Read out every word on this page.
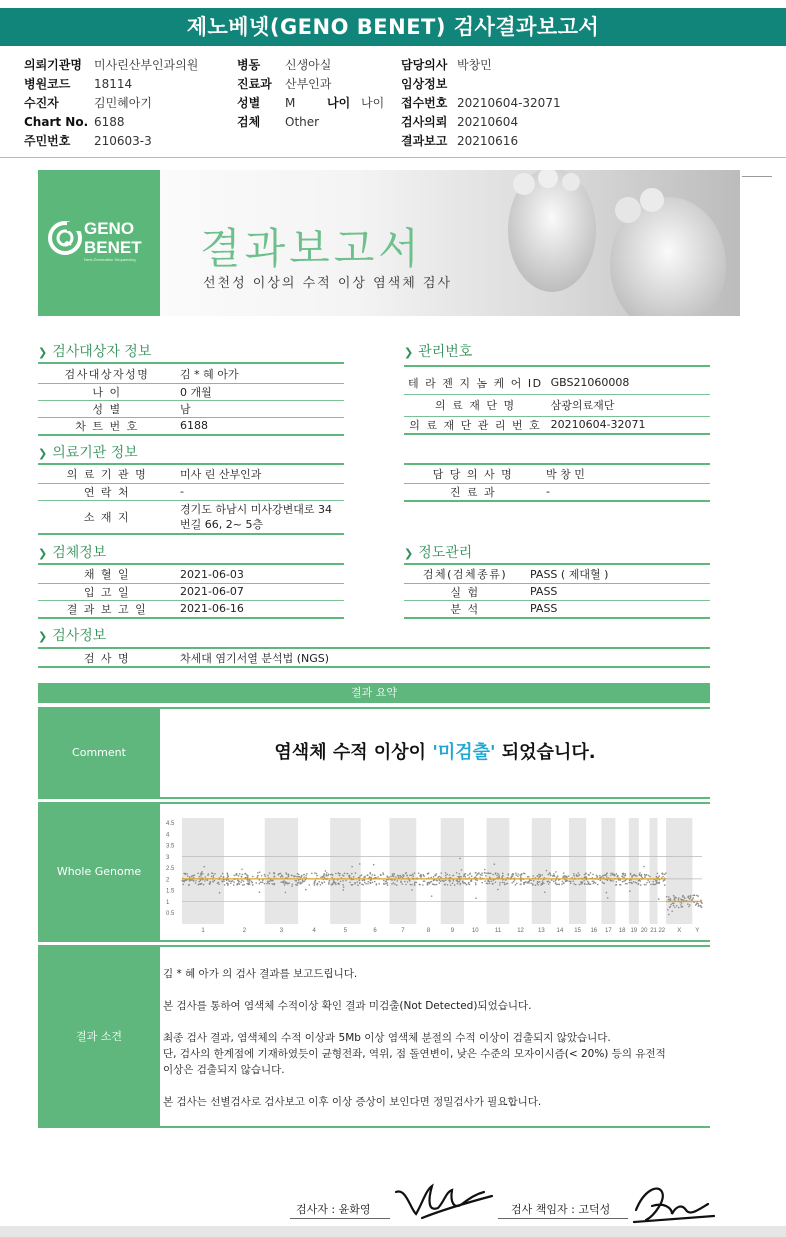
제노베넷(GENO BENET) 검사결과보고서
의뢰기관명 미사린산부인과의원
병원코드 18114
수진자	김민혜아기
Chart No. 6188
주민번호 210603-3
병동 신생아실
진료과 산부인과
성별 M	나이 나이
검체 Other
담당의사 박창민
임상정보
접수번호 20210604-32071
검사의뢰 20210604
결과보고 20210616
GENO
BENET
Next-Generation Sequencing 결과보고서
선천성 이상의 수적 이상 염색체 검사
❯ 검사대상자 정보
검사대상자성명	김 * 혜 아가
나 이	0 개월
성 별	남
차 트 번 호	6188
❯ 관리번호
테 라 젠 지 놈 케 어 ID	GBS21060008
의 료 재 단 명	삼광의료재단
의 료 재 단 관 리 번 호	20210604-32071
❯ 의료기관 정보
의 료 기 관 명	미사 린 산부인과
연 락 처	-
소 재 지	경기도 하남시 미사강변대로 34
번길 66, 2~ 5층
담 당 의 사 명	박 창 민
진 료 과	-
❯ 검체정보
채 혈 일	2021-06-03
입 고 일	2021-06-07
결 과 보 고 일	2021-06-16
❯ 정도관리
검체(검체종류)	PASS ( 제대혈 )
실 험	PASS
분 석	PASS
❯ 검사정보
검 사 명	차세대 염기서열 분석법 (NGS)
결과 요약
Comment	염색체 수적 이상이 '미검출' 되었습니다.
Whole Genome
4.5
4
3.5
3
2.5
2
1.5
1
0.5
1	2	3	4	5	6	7	8	9	10	11	12 13 14 15 16 17 18 19 20 21 22 X Y
결과 소견

김 * 혜 아가 의 검사 결과를 보고드립니다.

본 검사를 통하여 염색체 수적이상 확인 결과 미검출(Not Detected)되었습니다.

최종 검사 결과, 염색체의 수적 이상과 5Mb 이상 염색체 분절의 수적 이상이 검출되지 않았습니다.

단, 검사의 한계점에 기재하였듯이 균형전좌, 역위, 점 돌연변이, 낮은 수준의 모자이시즘(< 20%) 등의 유전적

이상은 검출되지 않습니다.

본 검사는 선별검사로 검사보고 이후 이상 증상이 보인다면 정밀검사가 필요합니다.

검사자 : 윤화영	검사 책임자 : 고덕성
